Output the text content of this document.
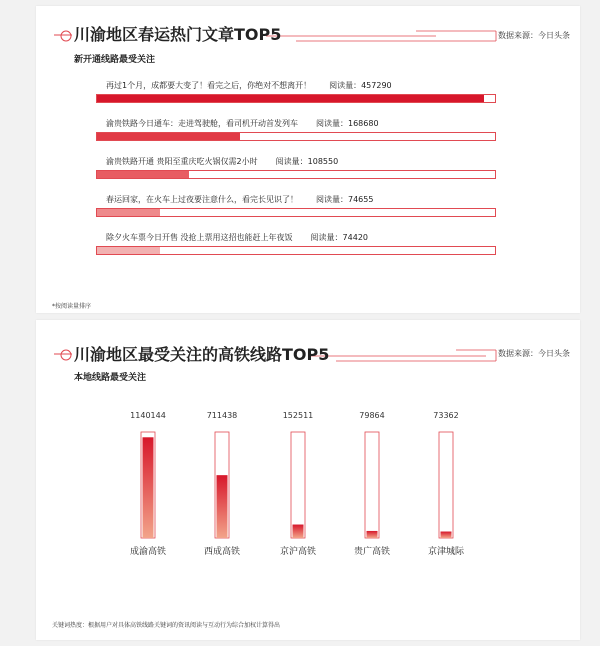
川渝地区春运热门文章TOP5	数据来源：今日头条
新开通线路最受关注
再过1个月，成都要大变了！看完之后，你绝对不想离开！ 阅读量：457290
渝贵铁路今日通车：走进驾驶舱，看司机开动首发列车 阅读量：168680
渝贵铁路开通 贵阳至重庆吃火锅仅需2小时 阅读量：108550
春运回家，在火车上过夜要注意什么，看完长见识了！ 阅读量：74655
除夕火车票今日开售 没抢上票用这招也能赶上年夜饭 阅读量：74420
*按阅读量排序
川渝地区最受关注的高铁线路TOP5	数据来源：今日头条
本地线路最受关注
1140144
成渝高铁
711438
西成高铁
152511
京沪高铁
79864
贵广高铁
73362
京津城际
关键词热度：根据用户对具体高铁线路关键词的资讯阅读与互动行为综合加权计算得出
